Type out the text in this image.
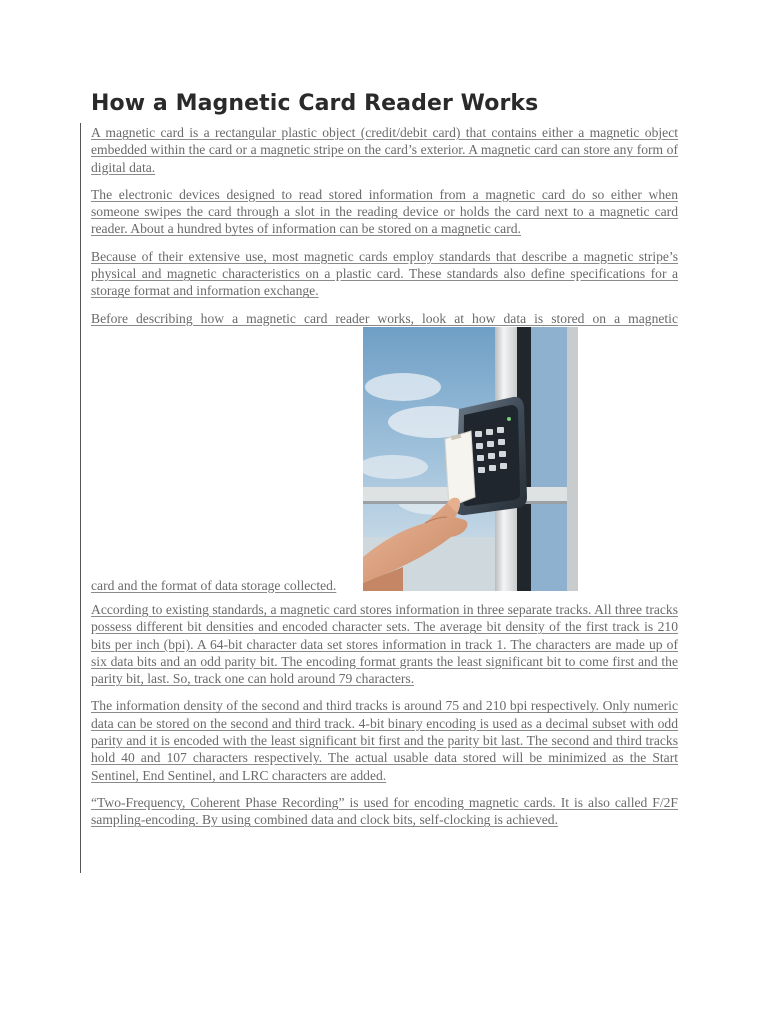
How a Magnetic Card Reader Works

A magnetic card is a rectangular plastic object (credit/debit card) that contains either a magnetic object embedded within the card or a magnetic stripe on the card’s exterior. A magnetic card can store any form of digital data.

The electronic devices designed to read stored information from a magnetic card do so either when someone swipes the card through a slot in the reading device or holds the card next to a magnetic card reader. About a hundred bytes of information can be stored on a magnetic card.

Because of their extensive use, most magnetic cards employ standards that describe a magnetic stripe’s physical and magnetic characteristics on a plastic card. These standards also define specifications for a storage format and information exchange.

Before describing how a magnetic card reader works, look at how data is stored on a magnetic

card and the format of data storage collected.

According to existing standards, a magnetic card stores information in three separate tracks. All three tracks possess different bit densities and encoded character sets. The average bit density of the first track is 210 bits per inch (bpi). A 64-bit character data set stores information in track 1. The characters are made up of six data bits and an odd parity bit. The encoding format grants the least significant bit to come first and the parity bit, last. So, track one can hold around 79 characters.

The information density of the second and third tracks is around 75 and 210 bpi respectively. Only numeric data can be stored on the second and third track. 4-bit binary encoding is used as a decimal subset with odd parity and it is encoded with the least significant bit first and the parity bit last. The second and third tracks hold 40 and 107 characters respectively. The actual usable data stored will be minimized as the Start Sentinel, End Sentinel, and LRC characters are added.

“Two-Frequency, Coherent Phase Recording” is used for encoding magnetic cards. It is also called F/2F sampling-encoding. By using combined data and clock bits, self-clocking is achieved.
